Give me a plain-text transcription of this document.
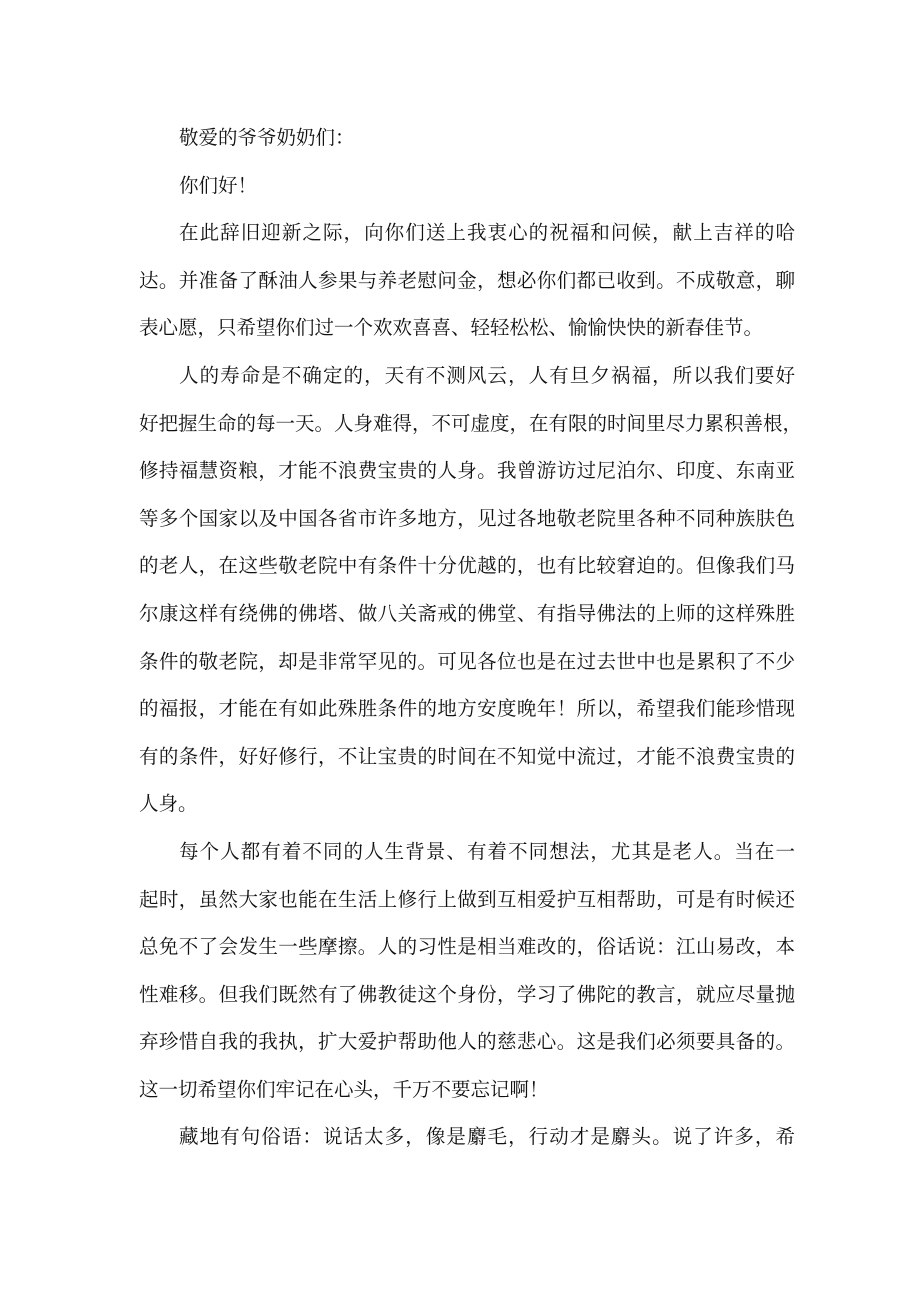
敬爱的爷爷奶奶们：
你们好！
在此辞旧迎新之际，向你们送上我衷心的祝福和问候，献上吉祥的哈
达。并准备了酥油人参果与养老慰问金，想必你们都已收到。不成敬意，聊
表心愿，只希望你们过一个欢欢喜喜、轻轻松松、愉愉快快的新春佳节。
人的寿命是不确定的，天有不测风云，人有旦夕祸福，所以我们要好
好把握生命的每一天。人身难得，不可虚度，在有限的时间里尽力累积善根，
修持福慧资粮，才能不浪费宝贵的人身。我曾游访过尼泊尔、印度、东南亚
等多个国家以及中国各省市许多地方，见过各地敬老院里各种不同种族肤色
的老人，在这些敬老院中有条件十分优越的，也有比较窘迫的。但像我们马
尔康这样有绕佛的佛塔、做八关斋戒的佛堂、有指导佛法的上师的这样殊胜
条件的敬老院，却是非常罕见的。可见各位也是在过去世中也是累积了不少
的福报，才能在有如此殊胜条件的地方安度晚年！所以，希望我们能珍惜现
有的条件，好好修行，不让宝贵的时间在不知觉中流过，才能不浪费宝贵的
人身。
每个人都有着不同的人生背景、有着不同想法，尤其是老人。当在一
起时，虽然大家也能在生活上修行上做到互相爱护互相帮助，可是有时候还
总免不了会发生一些摩擦。人的习性是相当难改的，俗话说：江山易改，本
性难移。但我们既然有了佛教徒这个身份，学习了佛陀的教言，就应尽量抛
弃珍惜自我的我执，扩大爱护帮助他人的慈悲心。这是我们必须要具备的。
这一切希望你们牢记在心头，千万不要忘记啊！
藏地有句俗语：说话太多，像是麝毛，行动才是麝头。说了许多，希
